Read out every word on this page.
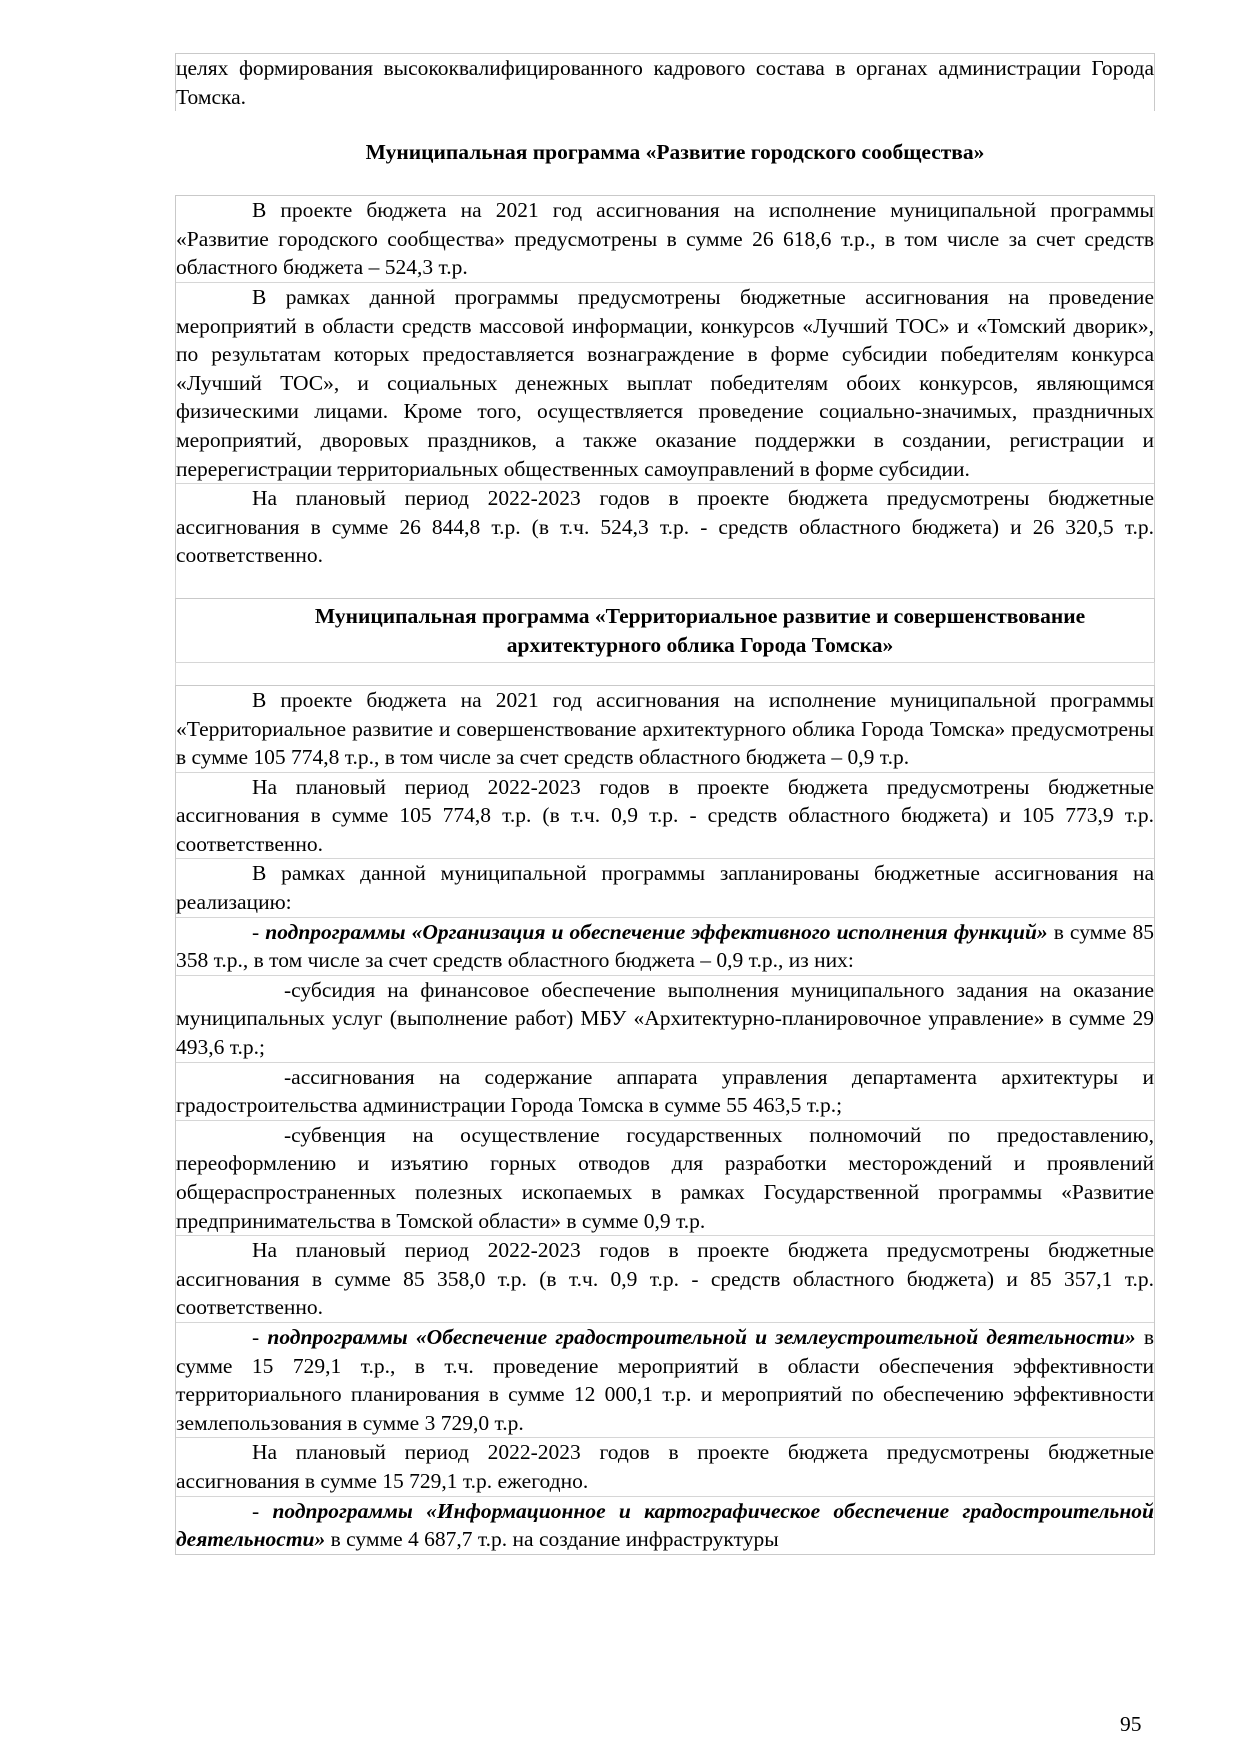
целях формирования высококвалифицированного кадрового состава в органах администрации Города Томска.
Муниципальная программа «Развитие городского сообщества»
В проекте бюджета на 2021 год ассигнования на исполнение муниципальной программы «Развитие городского сообщества» предусмотрены в сумме 26 618,6 т.р., в том числе за счет средств областного бюджета – 524,3 т.р.
В рамках данной программы предусмотрены бюджетные ассигнования на проведение мероприятий в области средств массовой информации, конкурсов «Лучший ТОС» и «Томский дворик», по результатам которых предоставляется вознаграждение в форме субсидии победителям конкурса «Лучший ТОС», и социальных денежных выплат победителям обоих конкурсов, являющимся физическими лицами. Кроме того, осуществляется проведение социально-значимых, праздничных мероприятий, дворовых праздников, а также оказание поддержки в создании, регистрации и перерегистрации территориальных общественных самоуправлений в форме субсидии.
На плановый период 2022-2023 годов в проекте бюджета предусмотрены бюджетные ассигнования в сумме 26 844,8 т.р. (в т.ч. 524,3 т.р. - средств областного бюджета) и 26 320,5 т.р. соответственно.
Муниципальная программа «Территориальное развитие и совершенствование архитектурного облика Города Томска»
В проекте бюджета на 2021 год ассигнования на исполнение муниципальной программы «Территориальное развитие и совершенствование архитектурного облика Города Томска» предусмотрены в сумме 105 774,8 т.р., в том числе за счет средств областного бюджета – 0,9 т.р.
На плановый период 2022-2023 годов в проекте бюджета предусмотрены бюджетные ассигнования в сумме 105 774,8 т.р. (в т.ч. 0,9 т.р. - средств областного бюджета) и 105 773,9 т.р. соответственно.
В рамках данной муниципальной программы запланированы бюджетные ассигнования на реализацию:
- подпрограммы «Организация и обеспечение эффективного исполнения функций» в сумме 85 358 т.р., в том числе за счет средств областного бюджета – 0,9 т.р., из них:
-субсидия на финансовое обеспечение выполнения муниципального задания на оказание муниципальных услуг (выполнение работ) МБУ «Архитектурно-планировочное управление» в сумме 29 493,6 т.р.;
-ассигнования на содержание аппарата управления департамента архитектуры и градостроительства администрации Города Томска в сумме 55 463,5 т.р.;
-субвенция на осуществление государственных полномочий по предоставлению, переоформлению и изъятию горных отводов для разработки месторождений и проявлений общераспространенных полезных ископаемых в рамках Государственной программы «Развитие предпринимательства в Томской области» в сумме 0,9 т.р.
На плановый период 2022-2023 годов в проекте бюджета предусмотрены бюджетные ассигнования в сумме 85 358,0 т.р. (в т.ч. 0,9 т.р. - средств областного бюджета) и 85 357,1 т.р. соответственно.
- подпрограммы «Обеспечение градостроительной и землеустроительной деятельности» в сумме 15 729,1 т.р., в т.ч. проведение мероприятий в области обеспечения эффективности территориального планирования в сумме 12 000,1 т.р. и мероприятий по обеспечению эффективности землепользования в сумме 3 729,0 т.р.
На плановый период 2022-2023 годов в проекте бюджета предусмотрены бюджетные ассигнования в сумме 15 729,1 т.р. ежегодно.
- подпрограммы «Информационное и картографическое обеспечение градостроительной деятельности» в сумме 4 687,7 т.р. на создание инфраструктуры
95
